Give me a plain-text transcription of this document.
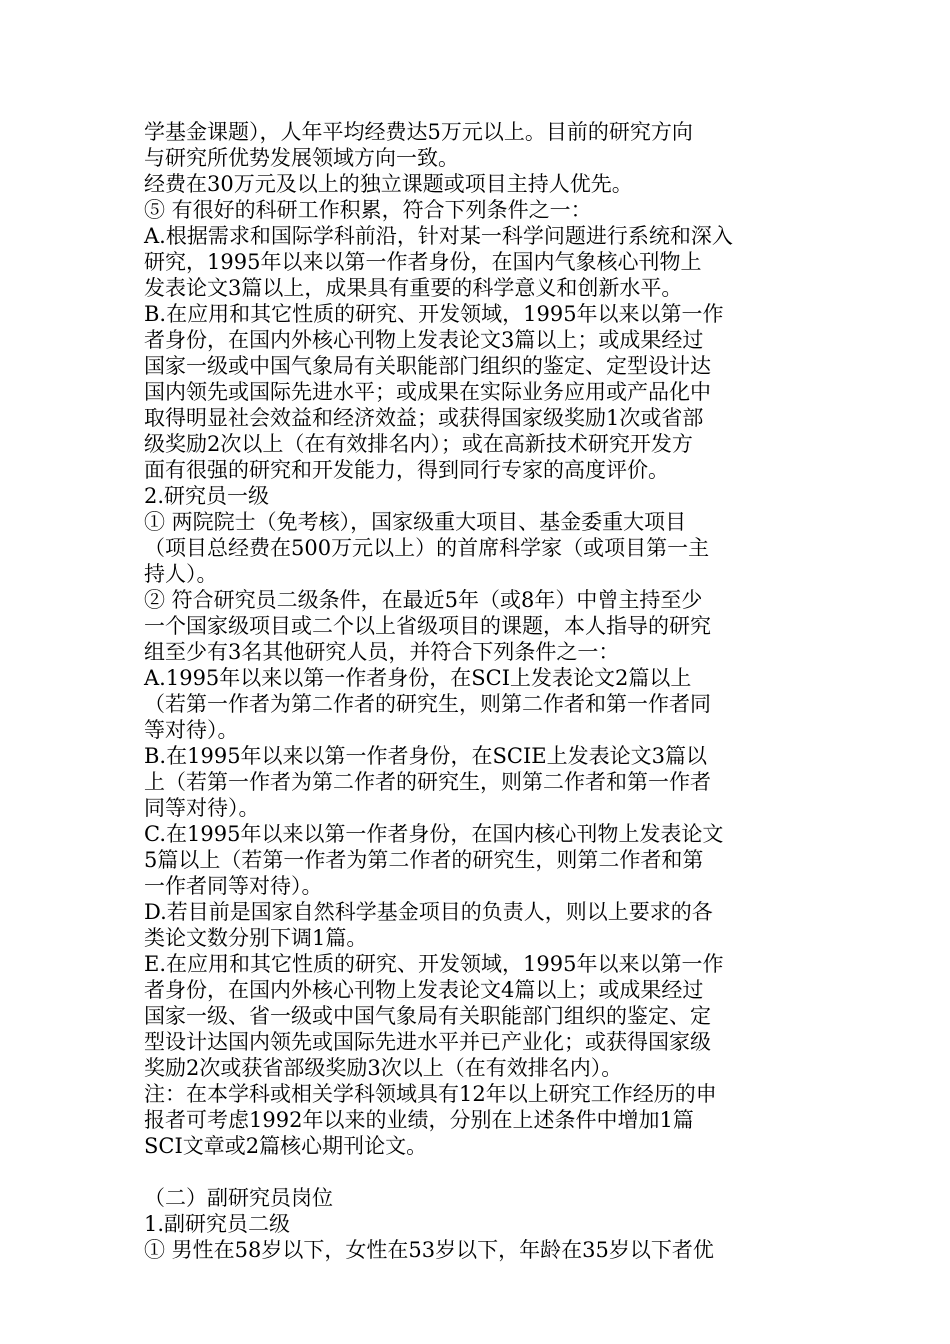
学基金课题），人年平均经费达5万元以上。目前的研究方向
与研究所优势发展领域方向一致。
经费在30万元及以上的独立课题或项目主持人优先。
⑤ 有很好的科研工作积累，符合下列条件之一：
A.根据需求和国际学科前沿，针对某一科学问题进行系统和深入
研究，1995年以来以第一作者身份，在国内气象核心刊物上
发表论文3篇以上，成果具有重要的科学意义和创新水平。
B.在应用和其它性质的研究、开发领域，1995年以来以第一作
者身份，在国内外核心刊物上发表论文3篇以上；或成果经过
国家一级或中国气象局有关职能部门组织的鉴定、定型设计达
国内领先或国际先进水平；或成果在实际业务应用或产品化中
取得明显社会效益和经济效益；或获得国家级奖励1次或省部
级奖励2次以上（在有效排名内）；或在高新技术研究开发方
面有很强的研究和开发能力，得到同行专家的高度评价。
2.研究员一级
① 两院院士（免考核），国家级重大项目、基金委重大项目
（项目总经费在500万元以上）的首席科学家（或项目第一主
持人）。
② 符合研究员二级条件，在最近5年（或8年）中曾主持至少
一个国家级项目或二个以上省级项目的课题，本人指导的研究
组至少有3名其他研究人员，并符合下列条件之一：
A.1995年以来以第一作者身份，在SCI上发表论文2篇以上
（若第一作者为第二作者的研究生，则第二作者和第一作者同
等对待）。
B.在1995年以来以第一作者身份，在SCIE上发表论文3篇以
上（若第一作者为第二作者的研究生，则第二作者和第一作者
同等对待）。
C.在1995年以来以第一作者身份，在国内核心刊物上发表论文
5篇以上（若第一作者为第二作者的研究生，则第二作者和第
一作者同等对待）。
D.若目前是国家自然科学基金项目的负责人，则以上要求的各
类论文数分别下调1篇。
E.在应用和其它性质的研究、开发领域，1995年以来以第一作
者身份，在国内外核心刊物上发表论文4篇以上；或成果经过
国家一级、省一级或中国气象局有关职能部门组织的鉴定、定
型设计达国内领先或国际先进水平并已产业化；或获得国家级
奖励2次或获省部级奖励3次以上（在有效排名内）。
注：在本学科或相关学科领域具有12年以上研究工作经历的申
报者可考虑1992年以来的业绩，分别在上述条件中增加1篇
SCI文章或2篇核心期刊论文。
（二）副研究员岗位
1.副研究员二级
① 男性在58岁以下，女性在53岁以下，年龄在35岁以下者优
